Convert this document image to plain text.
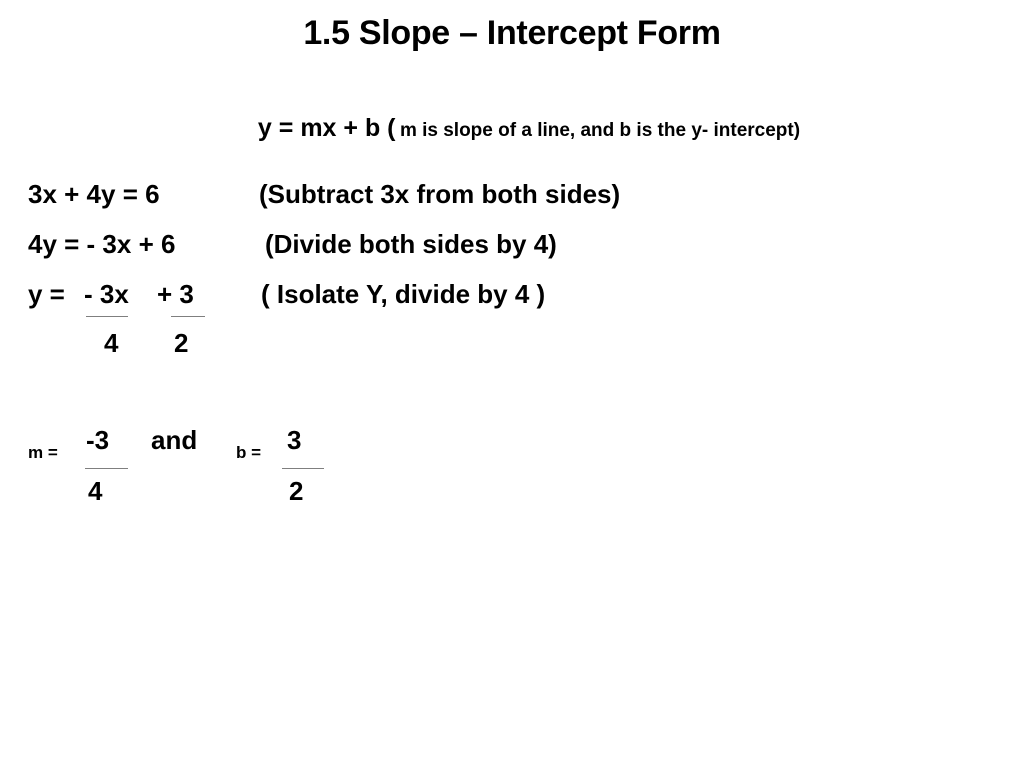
1.5 Slope – Intercept Form
y = mx + b ( m is slope of a line, and b is the y- intercept)
3x + 4y = 6	(Subtract 3x from both sides)
4y = - 3x + 6	(Divide both sides by 4)
y = - 3x + 3	( Isolate Y, divide by 4 )
4 2
m = -3
4
and b = 3
2
